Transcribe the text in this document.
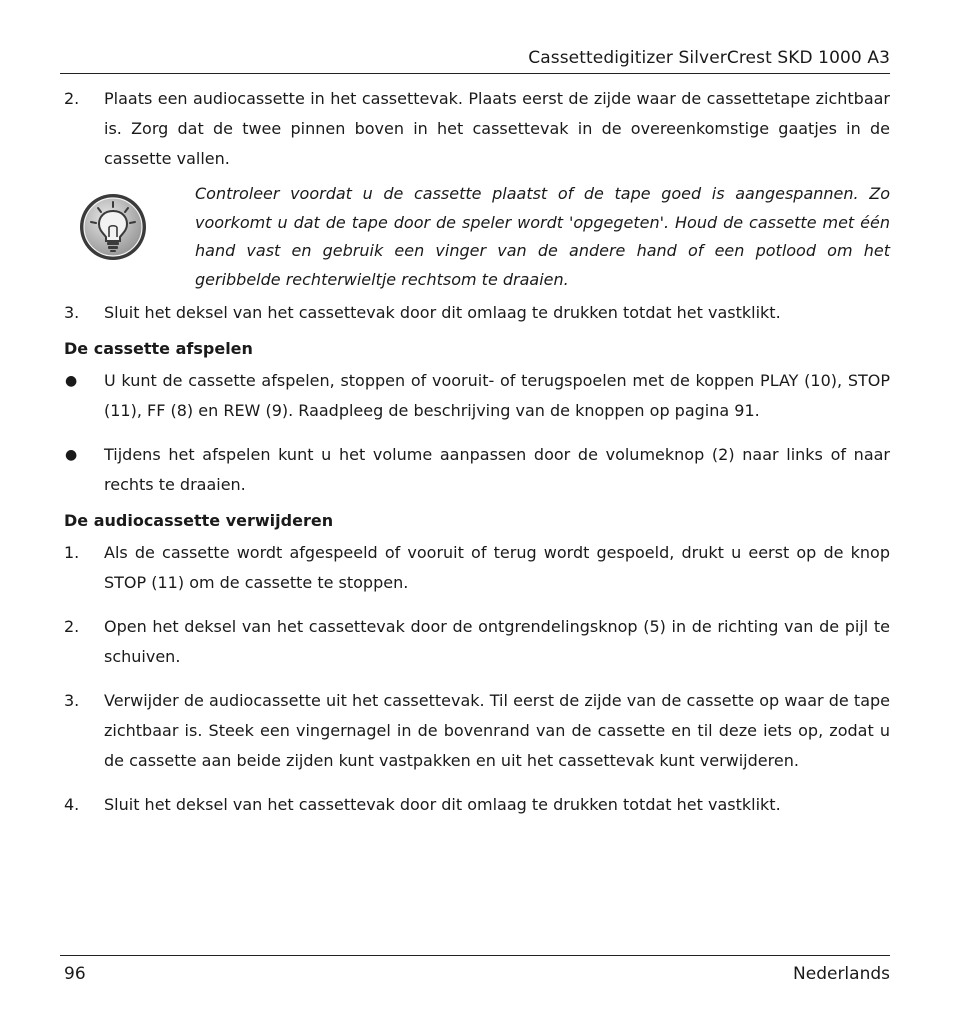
Cassettedigitizer SilverCrest SKD 1000 A3
2. Plaats een audiocassette in het cassettevak. Plaats eerst de zijde waar de cassettetape zichtbaar is. Zorg dat de twee pinnen boven in het cassettevak in de overeenkomstige gaatjes in de cassette vallen.
Controleer voordat u de cassette plaatst of de tape goed is aangespannen. Zo voorkomt u dat de tape door de speler wordt 'opgegeten'. Houd de cassette met één hand vast en gebruik een vinger van de andere hand of een potlood om het geribbelde rechterwieltje rechtsom te draaien.
3. Sluit het deksel van het cassettevak door dit omlaag te drukken totdat het vastklikt.
De cassette afspelen
● U kunt de cassette afspelen, stoppen of vooruit- of terugspoelen met de koppen PLAY (10), STOP (11), FF (8) en REW (9). Raadpleeg de beschrijving van de knoppen op pagina 91.
● Tijdens het afspelen kunt u het volume aanpassen door de volumeknop (2) naar links of naar rechts te draaien.
De audiocassette verwijderen
1. Als de cassette wordt afgespeeld of vooruit of terug wordt gespoeld, drukt u eerst op de knop STOP (11) om de cassette te stoppen.
2. Open het deksel van het cassettevak door de ontgrendelingsknop (5) in de richting van de pijl te schuiven.
3. Verwijder de audiocassette uit het cassettevak. Til eerst de zijde van de cassette op waar de tape zichtbaar is. Steek een vingernagel in de bovenrand van de cassette en til deze iets op, zodat u de cassette aan beide zijden kunt vastpakken en uit het cassettevak kunt verwijderen.
4. Sluit het deksel van het cassettevak door dit omlaag te drukken totdat het vastklikt.
96	Nederlands
